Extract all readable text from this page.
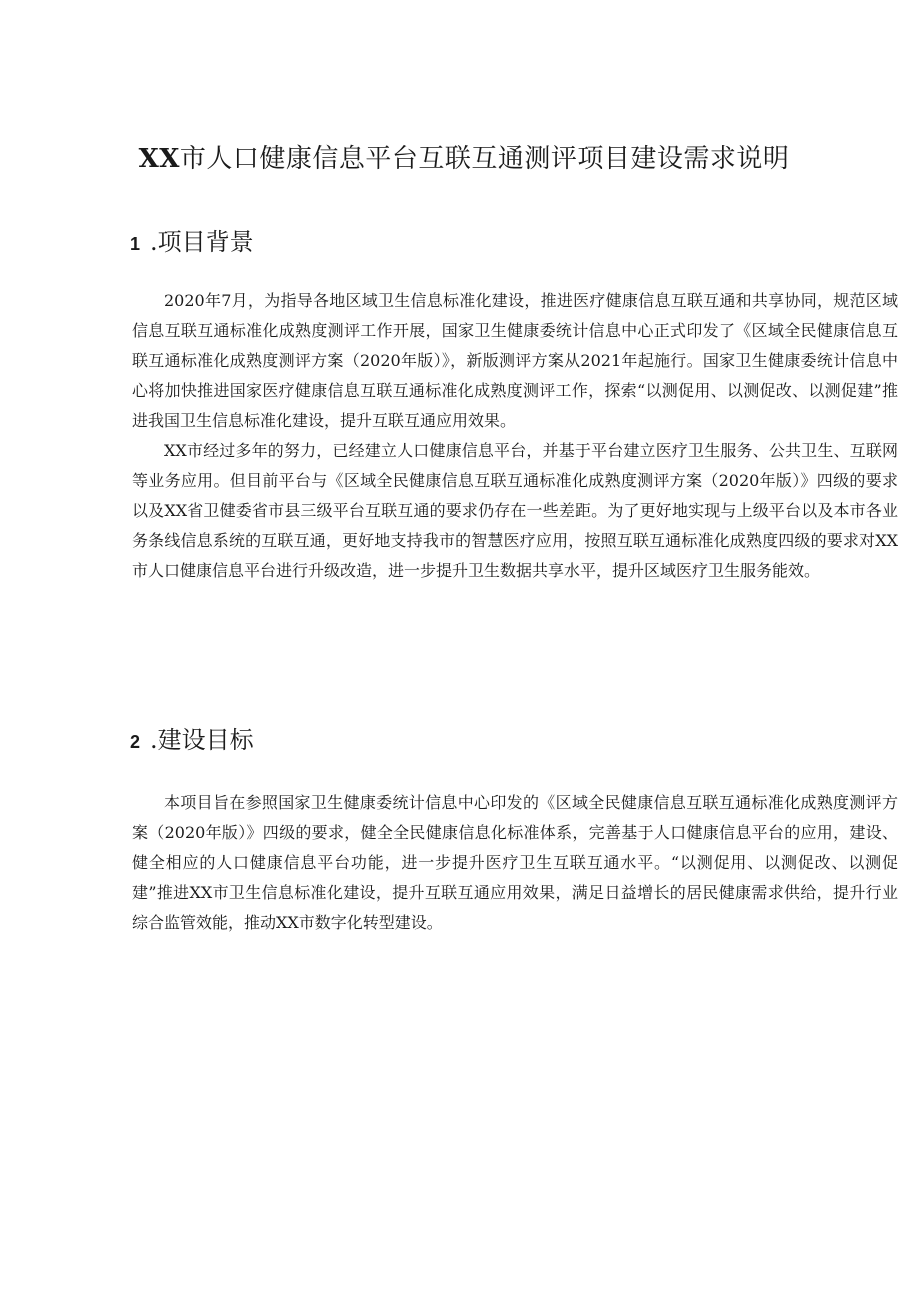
XX市人口健康信息平台互联互通测评项目建设需求说明
1 .项目背景

2020年7月，为指导各地区域卫生信息标准化建设，推进医疗健康信息互联互通和共享协同，规范区域信息互联互通标准化成熟度测评工作开展，国家卫生健康委统计信息中心正式印发了《区域全民健康信息互联互通标准化成熟度测评方案（2020年版）》，新版测评方案从2021年起施行。国家卫生健康委统计信息中心将加快推进国家医疗健康信息互联互通标准化成熟度测评工作，探索“以测促用、以测促改、以测促建”推进我国卫生信息标准化建设，提升互联互通应用效果。

XX市经过多年的努力，已经建立人口健康信息平台，并基于平台建立医疗卫生服务、公共卫生、互联网等业务应用。但目前平台与《区域全民健康信息互联互通标准化成熟度测评方案（2020年版）》四级的要求以及XX省卫健委省市县三级平台互联互通的要求仍存在一些差距。为了更好地实现与上级平台以及本市各业务条线信息系统的互联互通，更好地支持我市的智慧医疗应用，按照互联互通标准化成熟度四级的要求对XX市人口健康信息平台进行升级改造，进一步提升卫生数据共享水平，提升区域医疗卫生服务能效。

2 .建设目标

本项目旨在参照国家卫生健康委统计信息中心印发的《区域全民健康信息互联互通标准化成熟度测评方案（2020年版）》四级的要求，健全全民健康信息化标准体系，完善基于人口健康信息平台的应用，建设、健全相应的人口健康信息平台功能，进一步提升医疗卫生互联互通水平。“以测促用、以测促改、以测促建”推进XX市卫生信息标准化建设，提升互联互通应用效果，满足日益增长的居民健康需求供给，提升行业综合监管效能，推动XX市数字化转型建设。
